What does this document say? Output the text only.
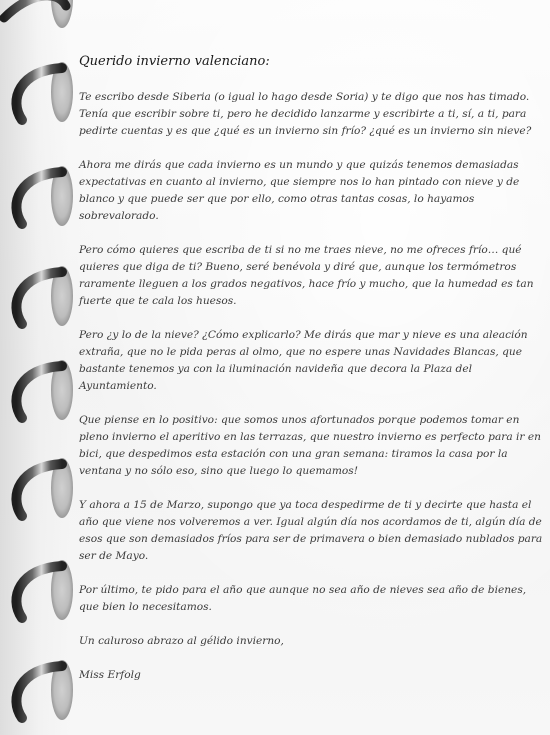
Querido invierno valenciano:

Te escribo desde Siberia (o igual lo hago desde Soria) y te digo que nos has timado. Tenía que escribir sobre ti, pero he decidido lanzarme y escribirte a ti, sí, a ti, para pedirte cuentas y es que ¿qué es un invierno sin frío? ¿qué es un invierno sin nieve?

Ahora me dirás que cada invierno es un mundo y que quizás tenemos demasiadas expectativas en cuanto al invierno, que siempre nos lo han pintado con nieve y de blanco y que puede ser que por ello, como otras tantas cosas, lo hayamos sobrevalorado.

Pero cómo quieres que escriba de ti si no me traes nieve, no me ofreces frío… qué quieres que diga de ti? Bueno, seré benévola y diré que, aunque los termómetros raramente lleguen a los grados negativos, hace frío y mucho, que la humedad es tan fuerte que te cala los huesos.

Pero ¿y lo de la nieve? ¿Cómo explicarlo? Me dirás que mar y nieve es una aleación extraña, que no le pida peras al olmo, que no espere unas Navidades Blancas, que bastante tenemos ya con la iluminación navideña que decora la Plaza del Ayuntamiento.

Que piense en lo positivo: que somos unos afortunados porque podemos tomar en pleno invierno el aperitivo en las terrazas, que nuestro invierno es perfecto para ir en bici, que despedimos esta estación con una gran semana: tiramos la casa por la ventana y no sólo eso, sino que luego lo quemamos!

Y ahora a 15 de Marzo, supongo que ya toca despedirme de ti y decirte que hasta el año que viene nos volveremos a ver. Igual algún día nos acordamos de ti, algún día de esos que son demasiados fríos para ser de primavera o bien demasiado nublados para ser de Mayo.

Por último, te pido para el año que aunque no sea año de nieves sea año de bienes, que bien lo necesitamos.

Un caluroso abrazo al gélido invierno,

Miss Erfolg
